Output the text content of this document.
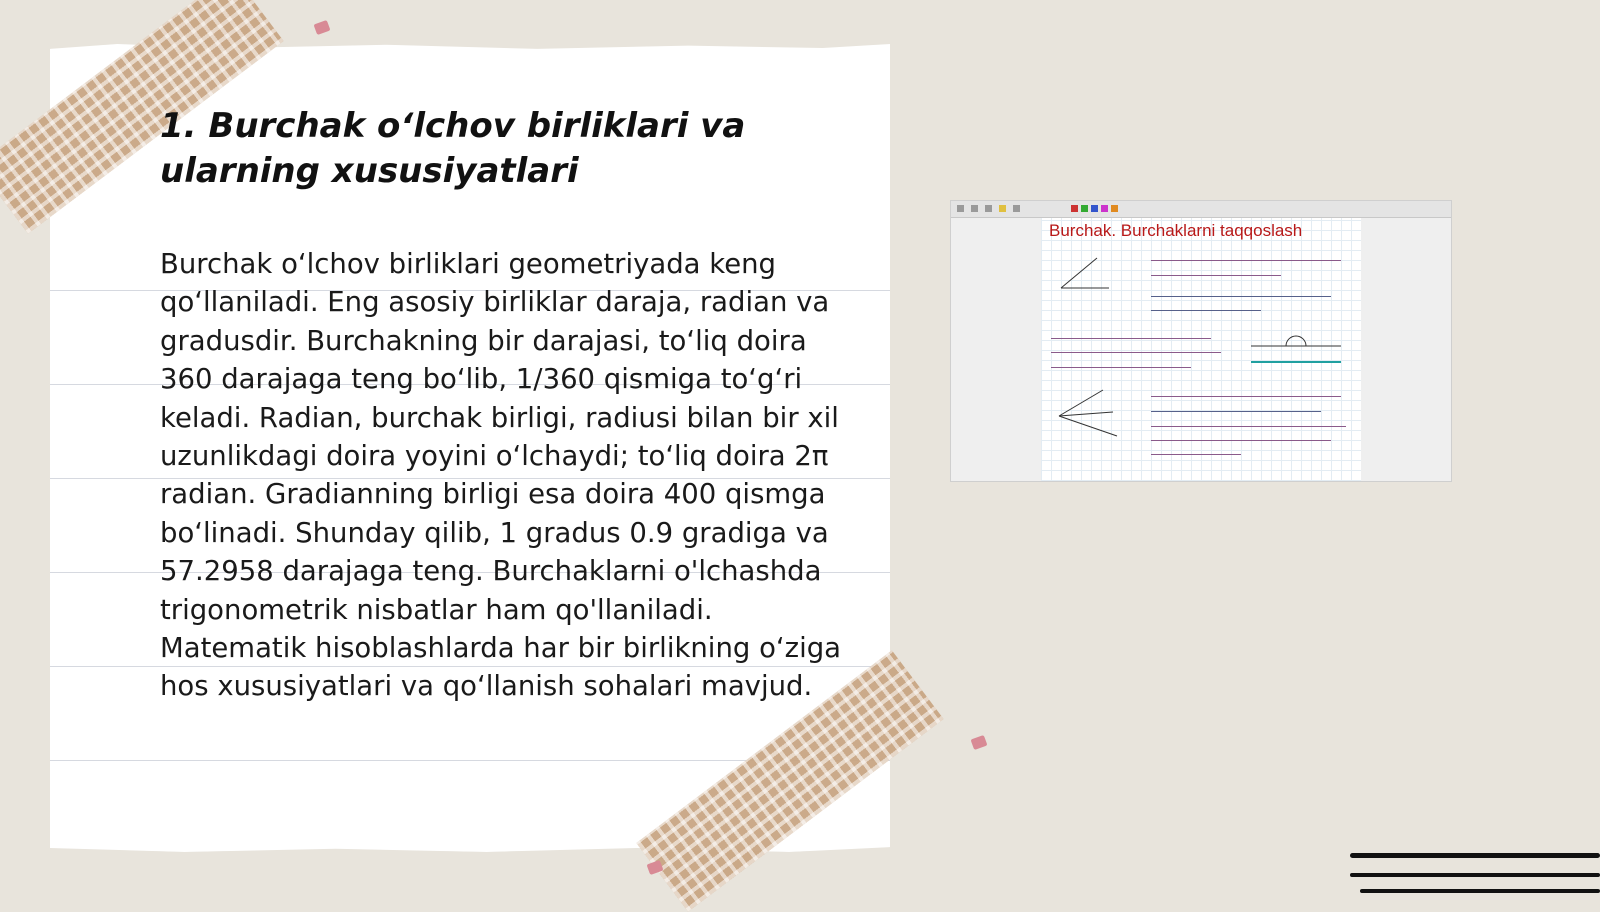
1. Burchak o‘lchov birliklari va ularning xususiyatlari

Burchak o‘lchov birliklari geometriyada keng qo‘llaniladi. Eng asosiy birliklar daraja, radian va gradusdir. Burchakning bir darajasi, to‘liq doira 360 darajaga teng bo‘lib, 1/360 qismiga to‘g‘ri keladi. Radian, burchak birligi, radiusi bilan bir xil uzunlikdagi doira yoyini o‘lchaydi; to‘liq doira 2π radian. Gradianning birligi esa doira 400 qismga bo‘linadi. Shunday qilib, 1 gradus 0.9 gradiga va 57.2958 darajaga teng. Burchaklarni o'lchashda trigonometrik nisbatlar ham qo'llaniladi. Matematik hisoblashlarda har bir birlikning o‘ziga hos xususiyatlari va qo‘llanish sohalari mavjud.

Burchak. Burchaklarni taqqoslash
